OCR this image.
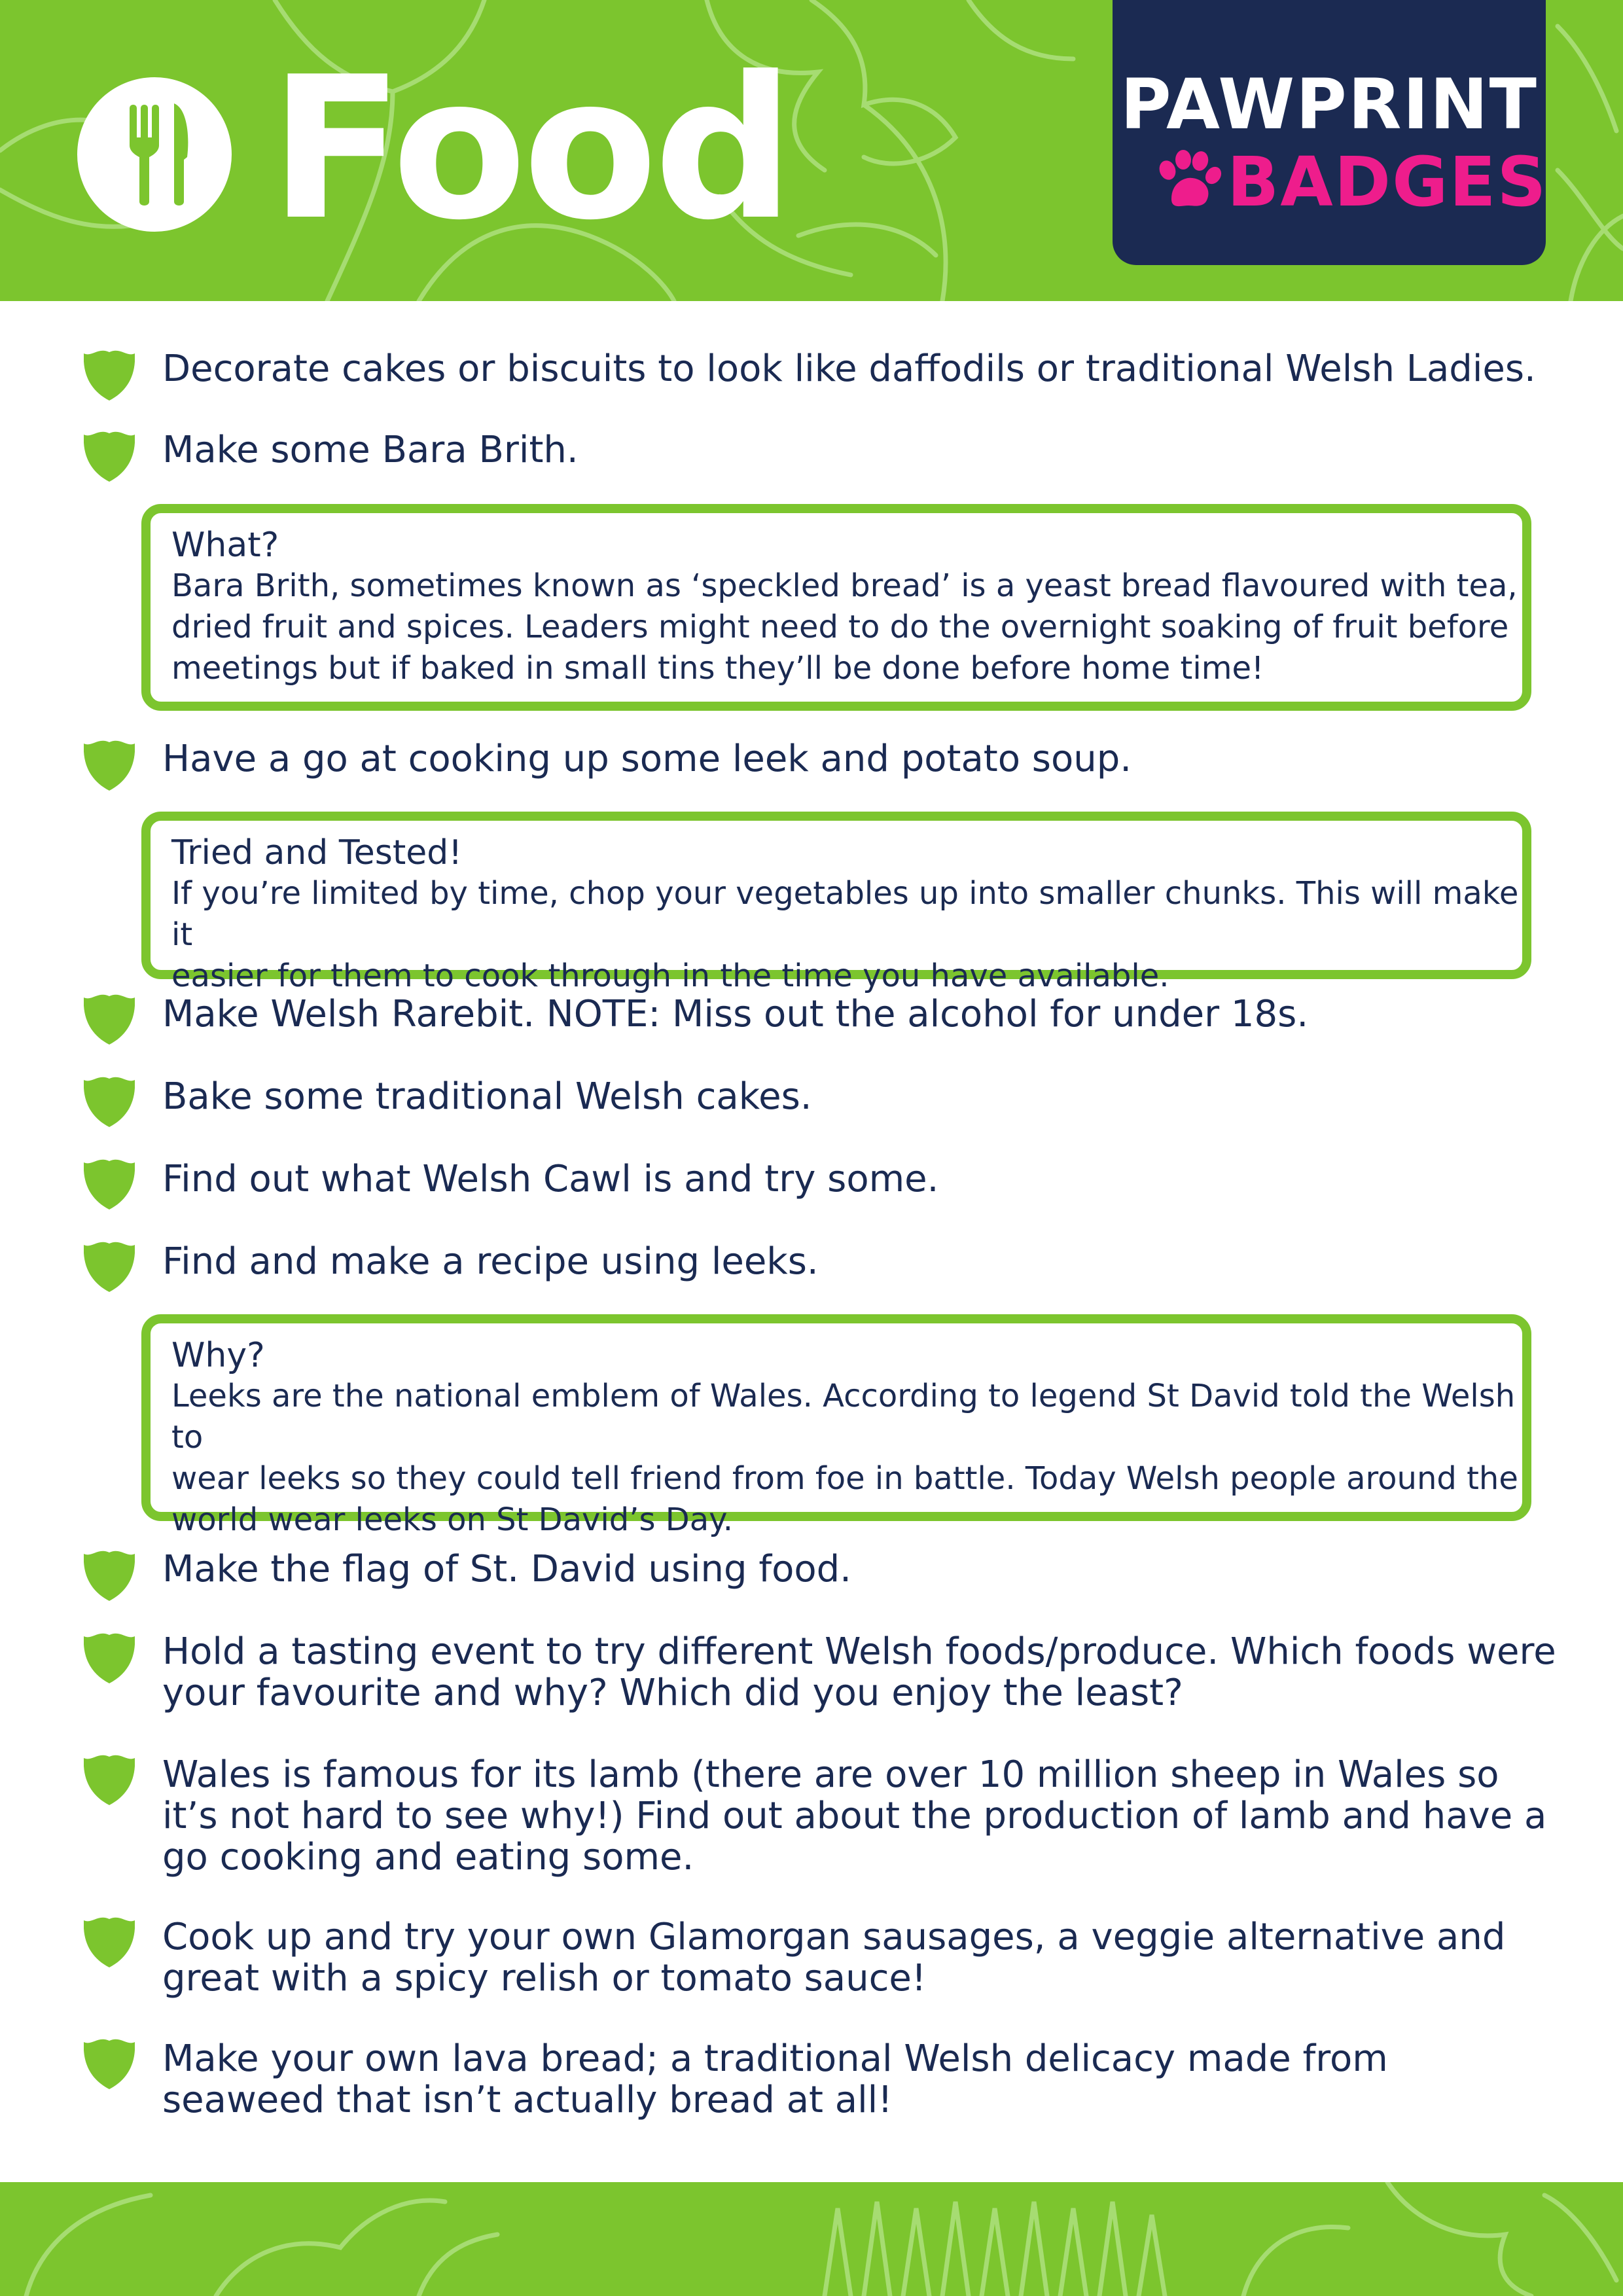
Food	PAWPRINT
BADGES

Decorate cakes or biscuits to look like daffodils or traditional Welsh Ladies.

Make some Bara Brith.

What?
Bara Brith, sometimes known as ‘speckled bread’ is a yeast bread flavoured with tea,
dried fruit and spices. Leaders might need to do the overnight soaking of fruit before
meetings but if baked in small tins they’ll be done before home time!

Have a go at cooking up some leek and potato soup.

Tried and Tested!
If you’re limited by time, chop your vegetables up into smaller chunks. This will make it
easier for them to cook through in the time you have available.

Make Welsh Rarebit. NOTE: Miss out the alcohol for under 18s.

Bake some traditional Welsh cakes.

Find out what Welsh Cawl is and try some.

Find and make a recipe using leeks.

Why?
Leeks are the national emblem of Wales. According to legend St David told the Welsh to
wear leeks so they could tell friend from foe in battle. Today Welsh people around the
world wear leeks on St David’s Day.

Make the flag of St. David using food.

Hold a tasting event to try different Welsh foods/produce. Which foods were your favourite and why? Which did you enjoy the least?

Wales is famous for its lamb (there are over 10 million sheep in Wales so it’s not hard to see why!) Find out about the production of lamb and have a go cooking and eating some.

Cook up and try your own Glamorgan sausages, a veggie alternative and great with a spicy relish or tomato sauce!

Make your own lava bread; a traditional Welsh delicacy made from seaweed that isn’t actually bread at all!
